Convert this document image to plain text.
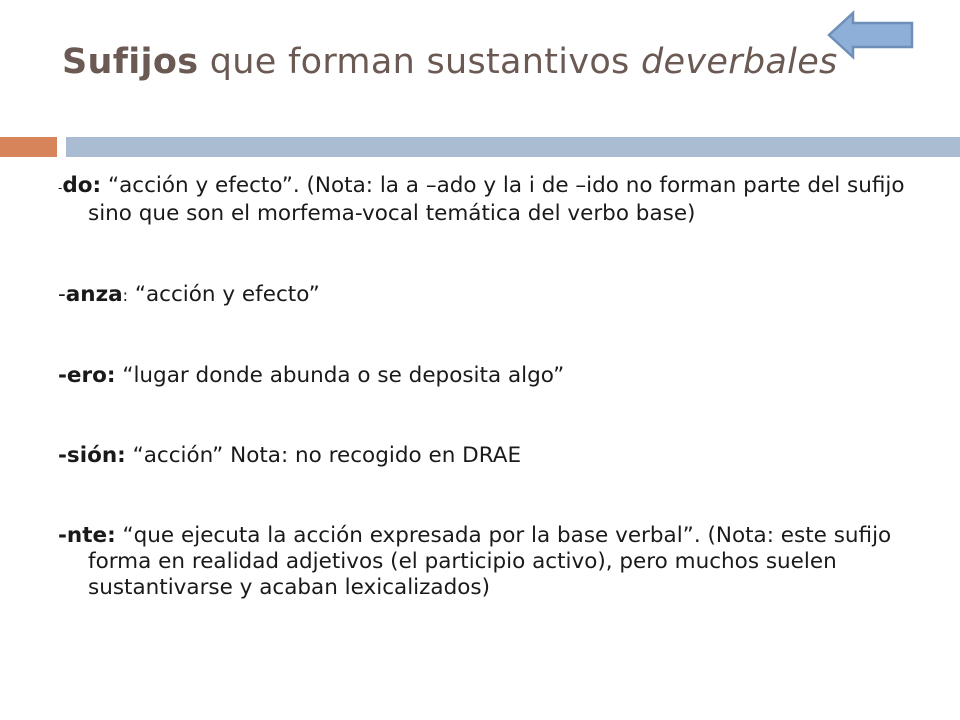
Sufijos que forman sustantivos deverbales

-do: “acción y efecto”. (Nota: la a –ado y la i de –ido no forman parte del sufijo sino que son el morfema-vocal temática del verbo base)

-anza: “acción y efecto”

-ero: “lugar donde abunda o se deposita algo”

-sión: “acción” Nota: no recogido en DRAE

-nte: “que ejecuta la acción expresada por la base verbal”. (Nota: este sufijo forma en realidad adjetivos (el participio activo), pero muchos suelen sustantivarse y acaban lexicalizados)
